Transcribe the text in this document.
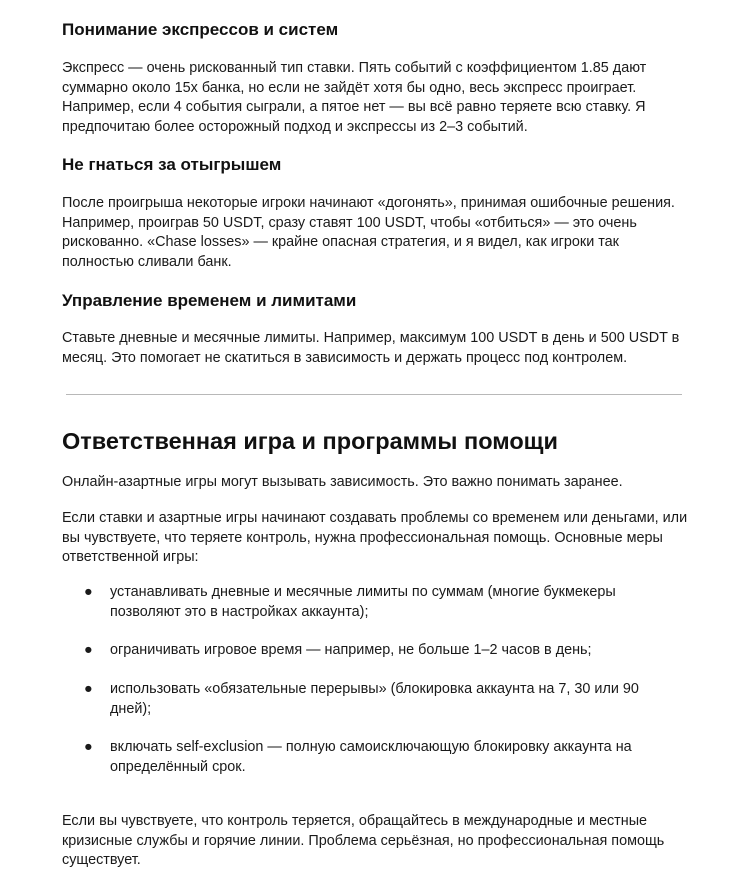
Понимание экспрессов и систем

Экспресс — очень рискованный тип ставки. Пять событий с коэффициентом 1.85 дают суммарно около 15x банка, но если не зайдёт хотя бы одно, весь экспресс проиграет. Например, если 4 события сыграли, а пятое нет — вы всё равно теряете всю ставку. Я предпочитаю более осторожный подход и экспрессы из 2–3 событий.

Не гнаться за отыгрышем

После проигрыша некоторые игроки начинают «догонять», принимая ошибочные решения. Например, проиграв 50 USDT, сразу ставят 100 USDT, чтобы «отбиться» — это очень рискованно. «Chase losses» — крайне опасная стратегия, и я видел, как игроки так полностью сливали банк.

Управление временем и лимитами

Ставьте дневные и месячные лимиты. Например, максимум 100 USDT в день и 500 USDT в месяц. Это помогает не скатиться в зависимость и держать процесс под контролем.

Ответственная игра и программы помощи

Онлайн-азартные игры могут вызывать зависимость. Это важно понимать заранее.

Если ставки и азартные игры начинают создавать проблемы со временем или деньгами, или вы чувствуете, что теряете контроль, нужна профессиональная помощь. Основные меры ответственной игры:

● устанавливать дневные и месячные лимиты по суммам (многие букмекеры позволяют это в настройках аккаунта);

● ограничивать игровое время — например, не больше 1–2 часов в день;

● использовать «обязательные перерывы» (блокировка аккаунта на 7, 30 или 90 дней);

● включать self-exclusion — полную самоисключающую блокировку аккаунта на определённый срок.

Если вы чувствуете, что контроль теряется, обращайтесь в международные и местные кризисные службы и горячие линии. Проблема серьёзная, но профессиональная помощь существует.
